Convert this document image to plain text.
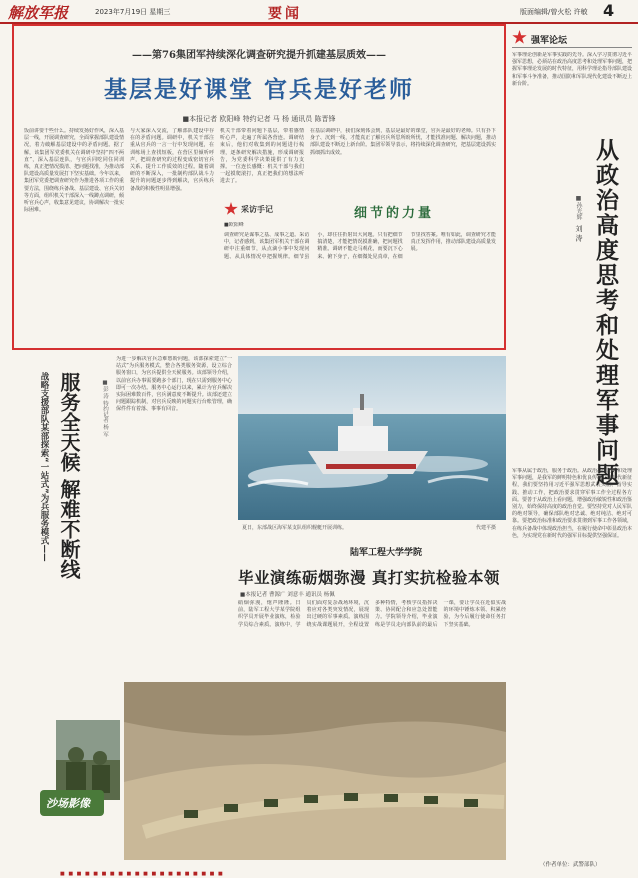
解放军报	2023年7月19日 星期三	要闻	版面编辑/曾火松 许敏 4
——第76集团军持续深化调查研究提升抓建基层质效——
基层是好课堂 官兵是好老师
■本报记者 欧阳峰 特约记者 马 杨 通讯员 陈晋锋
饭前讲要干些什么。持续发扬好作风，深入基层一线，开展调查研究，全面掌握部队建设情况，着力破解基层建设中的矛盾问题。据了解，该集团军党委机关在调研中坚持“四不两直”，深入基层连队，与官兵同吃同住同训练，真正把情况摸清、把问题找准，为推动部队建设高质量发展打下坚实基础。今年以来，集团军党委把调查研究作为推进各项工作的重要方法，围绕练兵备战、基层建设、官兵关切等方面，组织机关干部深入一线蹲点调研，倾听官兵心声，收集意见建议，协调解决一批实际困难。
与大家深入交流，了解部队建设中存在的矛盾问题。调研中，机关干部注重从官兵的一言一行中发现问题，在训练场上查找短板，在营区里倾听呼声，把调查研究的过程变成密切官兵关系、提升工作质效的过程。随着调研的不断深入，一批制约部队战斗力提升的问题逐步得到解决，官兵练兵备战的积极性明显增强。
机关干部带着问题下基层，带着感情听心声，走遍了所属各营连。调研结束后，他们对收集到的问题进行梳理，逐条研究解决措施，形成调研报告，为党委科学决策提供了有力支撑。一位连长感慨：机关干部与我们一起摸爬滚打，真正把我们的想法听进去了。
在基层调研中，我们深刻体会到，基层是最好的课堂，官兵是最好的老师。只有扑下身子、沉到一线，才能真正了解官兵所思所盼所忧，才能找准问题、解决问题，推动部队建设不断迈上新台阶。集团军领导表示，将持续深化调查研究，把基层建设抓实抓细抓出成效。
采访手记	细节的力量
■欧阳峰
调查研究是谋事之基、成事之道。采访中，记者感到，该集团军机关干部在调研中注重细节，从点滴小事中发现问题、从具体情况中把握规律。细节虽小，却往往折射出大问题。只有把细节搞清楚，才能把情况摸准确，把问题找精准。调研不能走马观花，而要沉下心来、俯下身子，在细微处见真章，在细节里找答案。唯有如此，调查研究才能真正发挥作用，推动部队建设高质量发展。
强军论坛
军事理论创新是军事实践的先导。深入学习贯彻习近平强军思想，必须站在政治高度思考和处理军事问题，把握军事理论发展的时代特征，用科学理论指导部队建设和军事斗争准备，推动国防和军队现代化建设不断迈上新台阶。
从政治高度思考和处理军事问题
■孙光辉
刘 涛
军事从属于政治，服务于政治。从政治高度思考和处理军事问题，是我军的鲜明特色和优良传统。新时代新征程，我们要坚持用习近平强军思想武装头脑、指导实践、推动工作，把政治要求贯穿军事工作全过程各方面。要善于从政治上看问题，增强政治敏锐性和政治鉴别力，始终保持高度的政治自觉。要坚持党对人民军队的绝对领导，确保部队绝对忠诚、绝对纯洁、绝对可靠。要把政治标准和政治要求贯彻到军事工作各领域，在练兵备战中体现政治担当，在履行使命中彰显政治本色，为实现党在新时代的强军目标提供坚强保证。
（作者单位：武警部队）
战略支援部队某部探索“一站式”为兵服务模式—— 服务全天候 解难不断线	■彭 涛 特约记者 杨 军
为进一步解决官兵急难愁盼问题，该部探索建立“一站式”为兵服务模式，整合各类服务资源，设立综合服务窗口，为官兵提供全天候服务。该部领导介绍，以前官兵办事需要跑多个部门，现在只需到服务中心即可一次办结。服务中心运行以来，累计为官兵解决实际困难数百件，官兵满意度不断提升。该部还建立问题跟踪机制，对官兵反映的问题实行台账管理，确保件件有着落、事事有回音。
沙场影像
夏日，东部战区海军某支队组织舰艇开展训练。	代建平摄
陆军工程大学学院
毕业演练砺烟弥漫 真打实抗检验本领
■本报记者 曹源广 刘意丰 通讯员 杨佩
硝烟弥漫，炮声隆隆。日前，陆军工程大学某学院组织学员开展毕业演练，检验学员综合素质。演练中，学员们面对复杂战场环境，沉着应对各类突发情况，展现出过硬的军事素质。演练围绕实战课题展开，全程设置多种特情，考核学员指挥决策、协同配合和应急处置能力。学院领导介绍，毕业演练是学员走向部队前的最后一课，要让学员在近似实战的环境中锤炼本领、积累经验，为今后履行使命任务打下坚实基础。
■ ■ ■ ■ ■ ■ ■ ■ ■ ■ ■ ■ ■ ■ ■ ■ ■ ■ ■ ■
